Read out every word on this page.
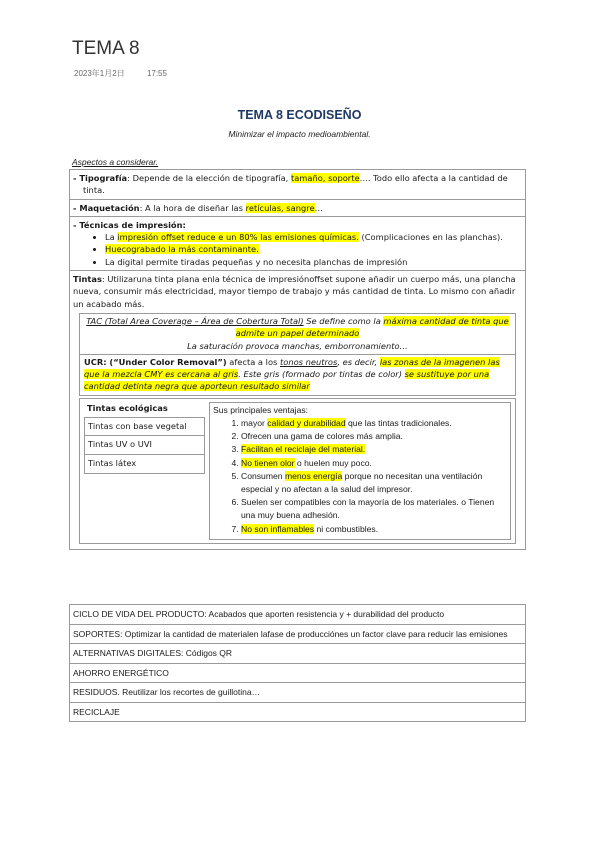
TEMA 8
2023年1月2日	17:55
TEMA 8 ECODISEÑO
Minimizar el impacto medioambiental.
Aspectos a considerar.
- Tipografía: Depende de la elección de tipografía, tamaño, soporte…. Todo ello afecta a la cantidad de tinta.
- Maquetación: A la hora de diseñar las retículas, sangre…
- Técnicas de impresión:
• La impresión offset reduce e un 80% las emisiones químicas. (Complicaciones en las planchas).
• Huecograbado la más contaminante.
• La digital permite tiradas pequeñas y no necesita planchas de impresión
Tintas: Utilizaruna tinta plana enla técnica de impresiónoffset supone añadir un cuerpo más, una plancha nueva, consumir más electricidad, mayor tiempo de trabajo y más cantidad de tinta. Lo mismo con añadir un acabado más.
TAC (Total Area Coverage – Área de Cobertura Total) Se define como la máxima cantidad de tinta que admite un papel determinado
La saturación provoca manchas, emborronamiento…
UCR: (“Under Color Removal”) afecta a los tonos neutros, es decir, las zonas de la imagenen las que la mezcla CMY es cercana al gris. Este gris (formado por tintas de color) se sustituye por una cantidad detinta negra que aporteun resultado similar
Tintas ecológicas
Tintas con base vegetal
Tintas UV o UVI
Tintas látex
Sus principales ventajas:
1. mayor calidad y durabilidad que las tintas tradicionales.
2. Ofrecen una gama de colores más amplia.
3. Facilitan el reciclaje del material.
4. No tienen olor o huelen muy poco.
5. Consumen menos energía porque no necesitan una ventilación especial y no afectan a la salud del impresor.
6. Suelen ser compatibles con la mayoría de los materiales. o Tienen una muy buena adhesión.
7. No son inflamables ni combustibles.
CICLO DE VIDA DEL PRODUCTO: Acabados que aporten resistencia y + durabilidad del producto
SOPORTES: Optimizar la cantidad de materialen lafase de producciónes un factor clave para reducir las emisiones
ALTERNATIVAS DIGITALES: Códigos QR
AHORRO ENERGÉTICO
RESIDUOS. Reutilizar los recortes de guillotina…
RECICLAJE
